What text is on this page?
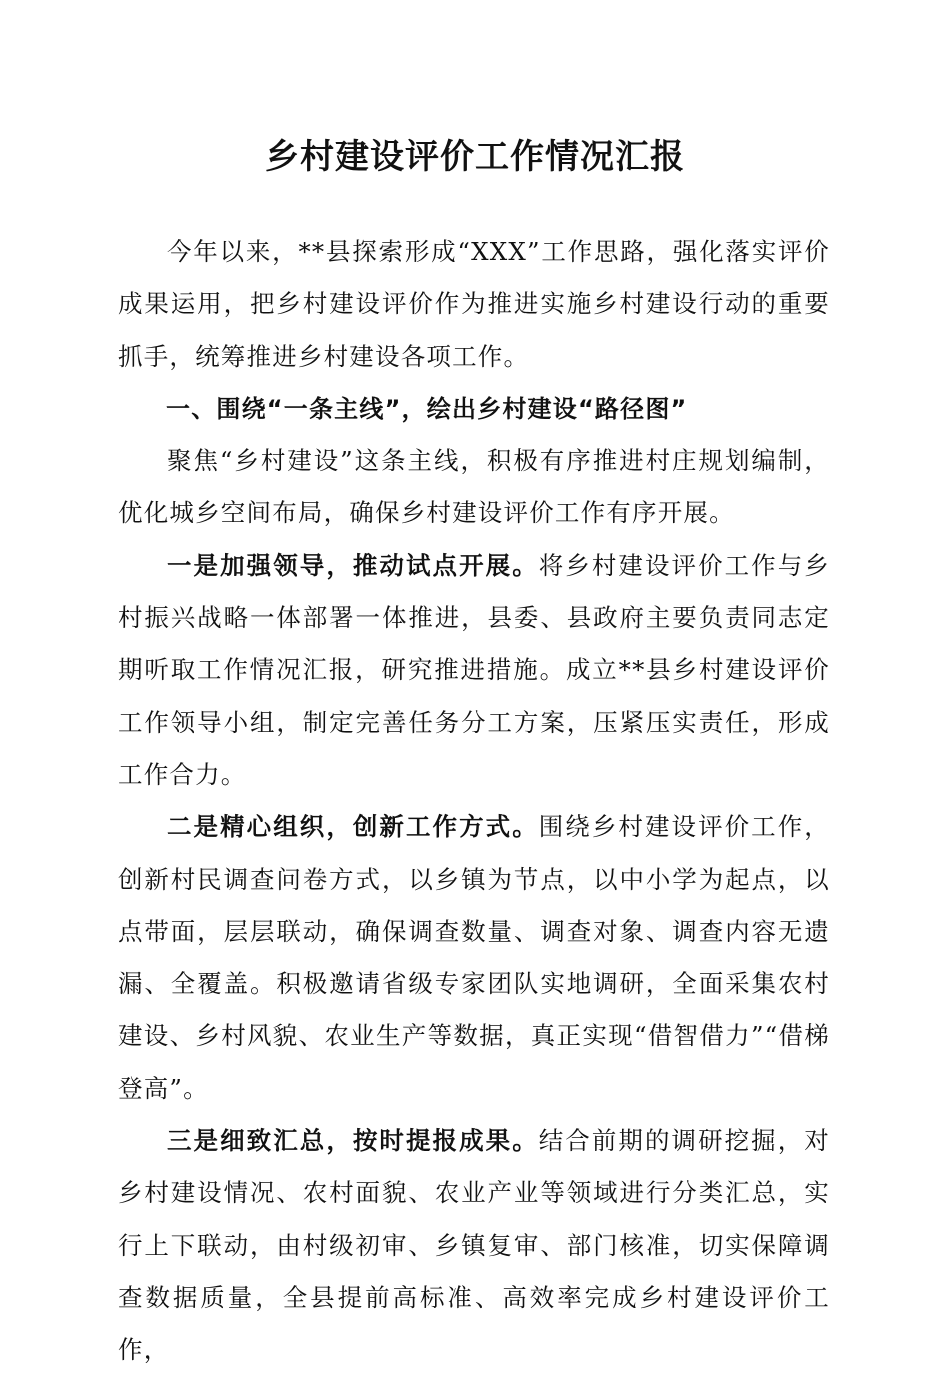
乡村建设评价工作情况汇报

今年以来，**县探索形成“XXX”工作思路，强化落实评价成果运用，把乡村建设评价作为推进实施乡村建设行动的重要抓手，统筹推进乡村建设各项工作。

一、围绕“一条主线”，绘出乡村建设“路径图”

聚焦“乡村建设”这条主线，积极有序推进村庄规划编制，优化城乡空间布局，确保乡村建设评价工作有序开展。

一是加强领导，推动试点开展。将乡村建设评价工作与乡村振兴战略一体部署一体推进，县委、县政府主要负责同志定期听取工作情况汇报，研究推进措施。成立**县乡村建设评价工作领导小组，制定完善任务分工方案，压紧压实责任，形成工作合力。

二是精心组织，创新工作方式。围绕乡村建设评价工作，创新村民调查问卷方式，以乡镇为节点，以中小学为起点，以点带面，层层联动，确保调查数量、调查对象、调查内容无遗漏、全覆盖。积极邀请省级专家团队实地调研，全面采集农村建设、乡村风貌、农业生产等数据，真正实现“借智借力”“借梯登高”。

三是细致汇总，按时提报成果。结合前期的调研挖掘，对乡村建设情况、农村面貌、农业产业等领域进行分类汇总，实行上下联动，由村级初审、乡镇复审、部门核准，切实保障调查数据质量，全县提前高标准、高效率完成乡村建设评价工作，
